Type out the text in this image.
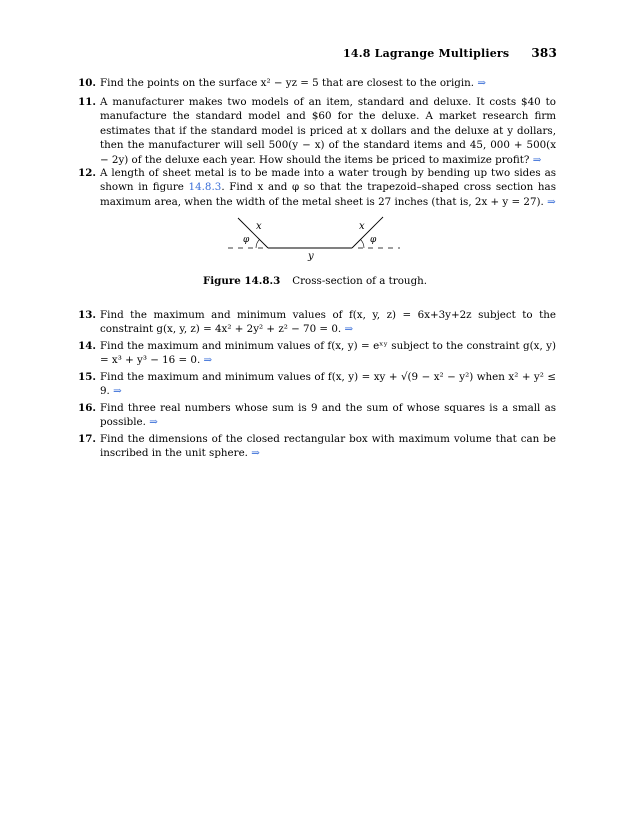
14.8 Lagrange Multipliers 383
10. Find the points on the surface x² − yz = 5 that are closest to the origin. ⇒
11. A manufacturer makes two models of an item, standard and deluxe. It costs $40 to manufacture the standard model and $60 for the deluxe. A market research firm estimates that if the standard model is priced at x dollars and the deluxe at y dollars, then the manufacturer will sell 500(y − x) of the standard items and 45, 000 + 500(x − 2y) of the deluxe each year. How should the items be priced to maximize profit? ⇒
12. A length of sheet metal is to be made into a water trough by bending up two sides as shown in figure 14.8.3. Find x and φ so that the trapezoid–shaped cross section has maximum area, when the width of the metal sheet is 27 inches (that is, 2x + y = 27). ⇒
x	x
φ	φ
y
Figure 14.8.3 Cross-section of a trough.
13. Find the maximum and minimum values of f(x, y, z) = 6x+3y+2z subject to the constraint g(x, y, z) = 4x² + 2y² + z² − 70 = 0. ⇒
14. Find the maximum and minimum values of f(x, y) = eˣʸ subject to the constraint g(x, y) = x³ + y³ − 16 = 0. ⇒
15. Find the maximum and minimum values of f(x, y) = xy + √(9 − x² − y²) when x² + y² ≤ 9. ⇒
16. Find three real numbers whose sum is 9 and the sum of whose squares is a small as possible. ⇒
17. Find the dimensions of the closed rectangular box with maximum volume that can be inscribed in the unit sphere. ⇒
